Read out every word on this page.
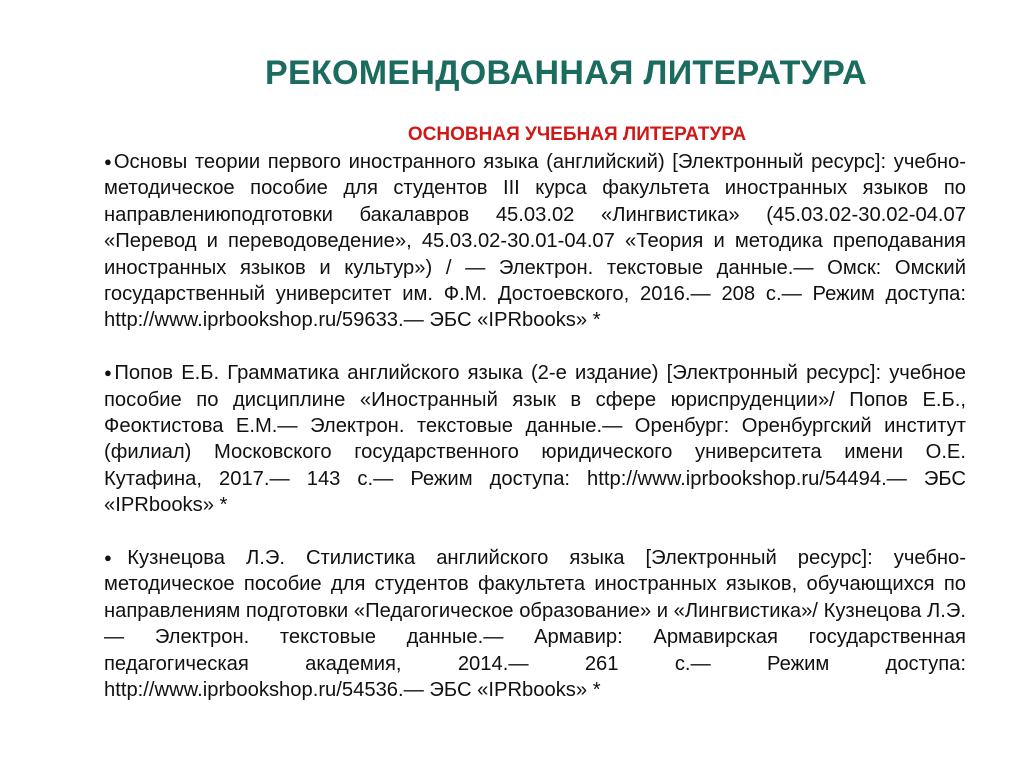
РЕКОМЕНДОВАННАЯ ЛИТЕРАТУРА
ОСНОВНАЯ УЧЕБНАЯ ЛИТЕРАТУРА
●Основы теории первого иностранного языка (английский) [Электронный ресурс]: учебно-методическое пособие для студентов III курса факультета иностранных языков по направлениюподготовки бакалавров 45.03.02 «Лингвистика» (45.03.02-30.02-04.07 «Перевод и переводоведение», 45.03.02-30.01-04.07 «Теория и методика преподавания иностранных языков и культур») / — Электрон. текстовые данные.— Омск: Омский государственный университет им. Ф.М. Достоевского, 2016.— 208 с.— Режим доступа: http://www.iprbookshop.ru/59633.— ЭБС «IPRbooks» *
●Попов Е.Б. Грамматика английского языка (2-е издание) [Электронный ресурс]: учебное пособие по дисциплине «Иностранный язык в сфере юриспруденции»/ Попов Е.Б., Феоктистова Е.М.— Электрон. текстовые данные.— Оренбург: Оренбургский институт (филиал) Московского государственного юридического университета имени О.Е. Кутафина, 2017.— 143 с.— Режим доступа: http://www.iprbookshop.ru/54494.— ЭБС «IPRbooks» *
●Кузнецова Л.Э. Стилистика английского языка [Электронный ресурс]: учебно-методическое пособие для студентов факультета иностранных языков, обучающихся по направлениям подготовки «Педагогическое образование» и «Лингвистика»/ Кузнецова Л.Э.— Электрон. текстовые данные.— Армавир: Армавирская государственная педагогическая академия, 2014.— 261 с.— Режим доступа: http://www.iprbookshop.ru/54536.— ЭБС «IPRbooks» *
